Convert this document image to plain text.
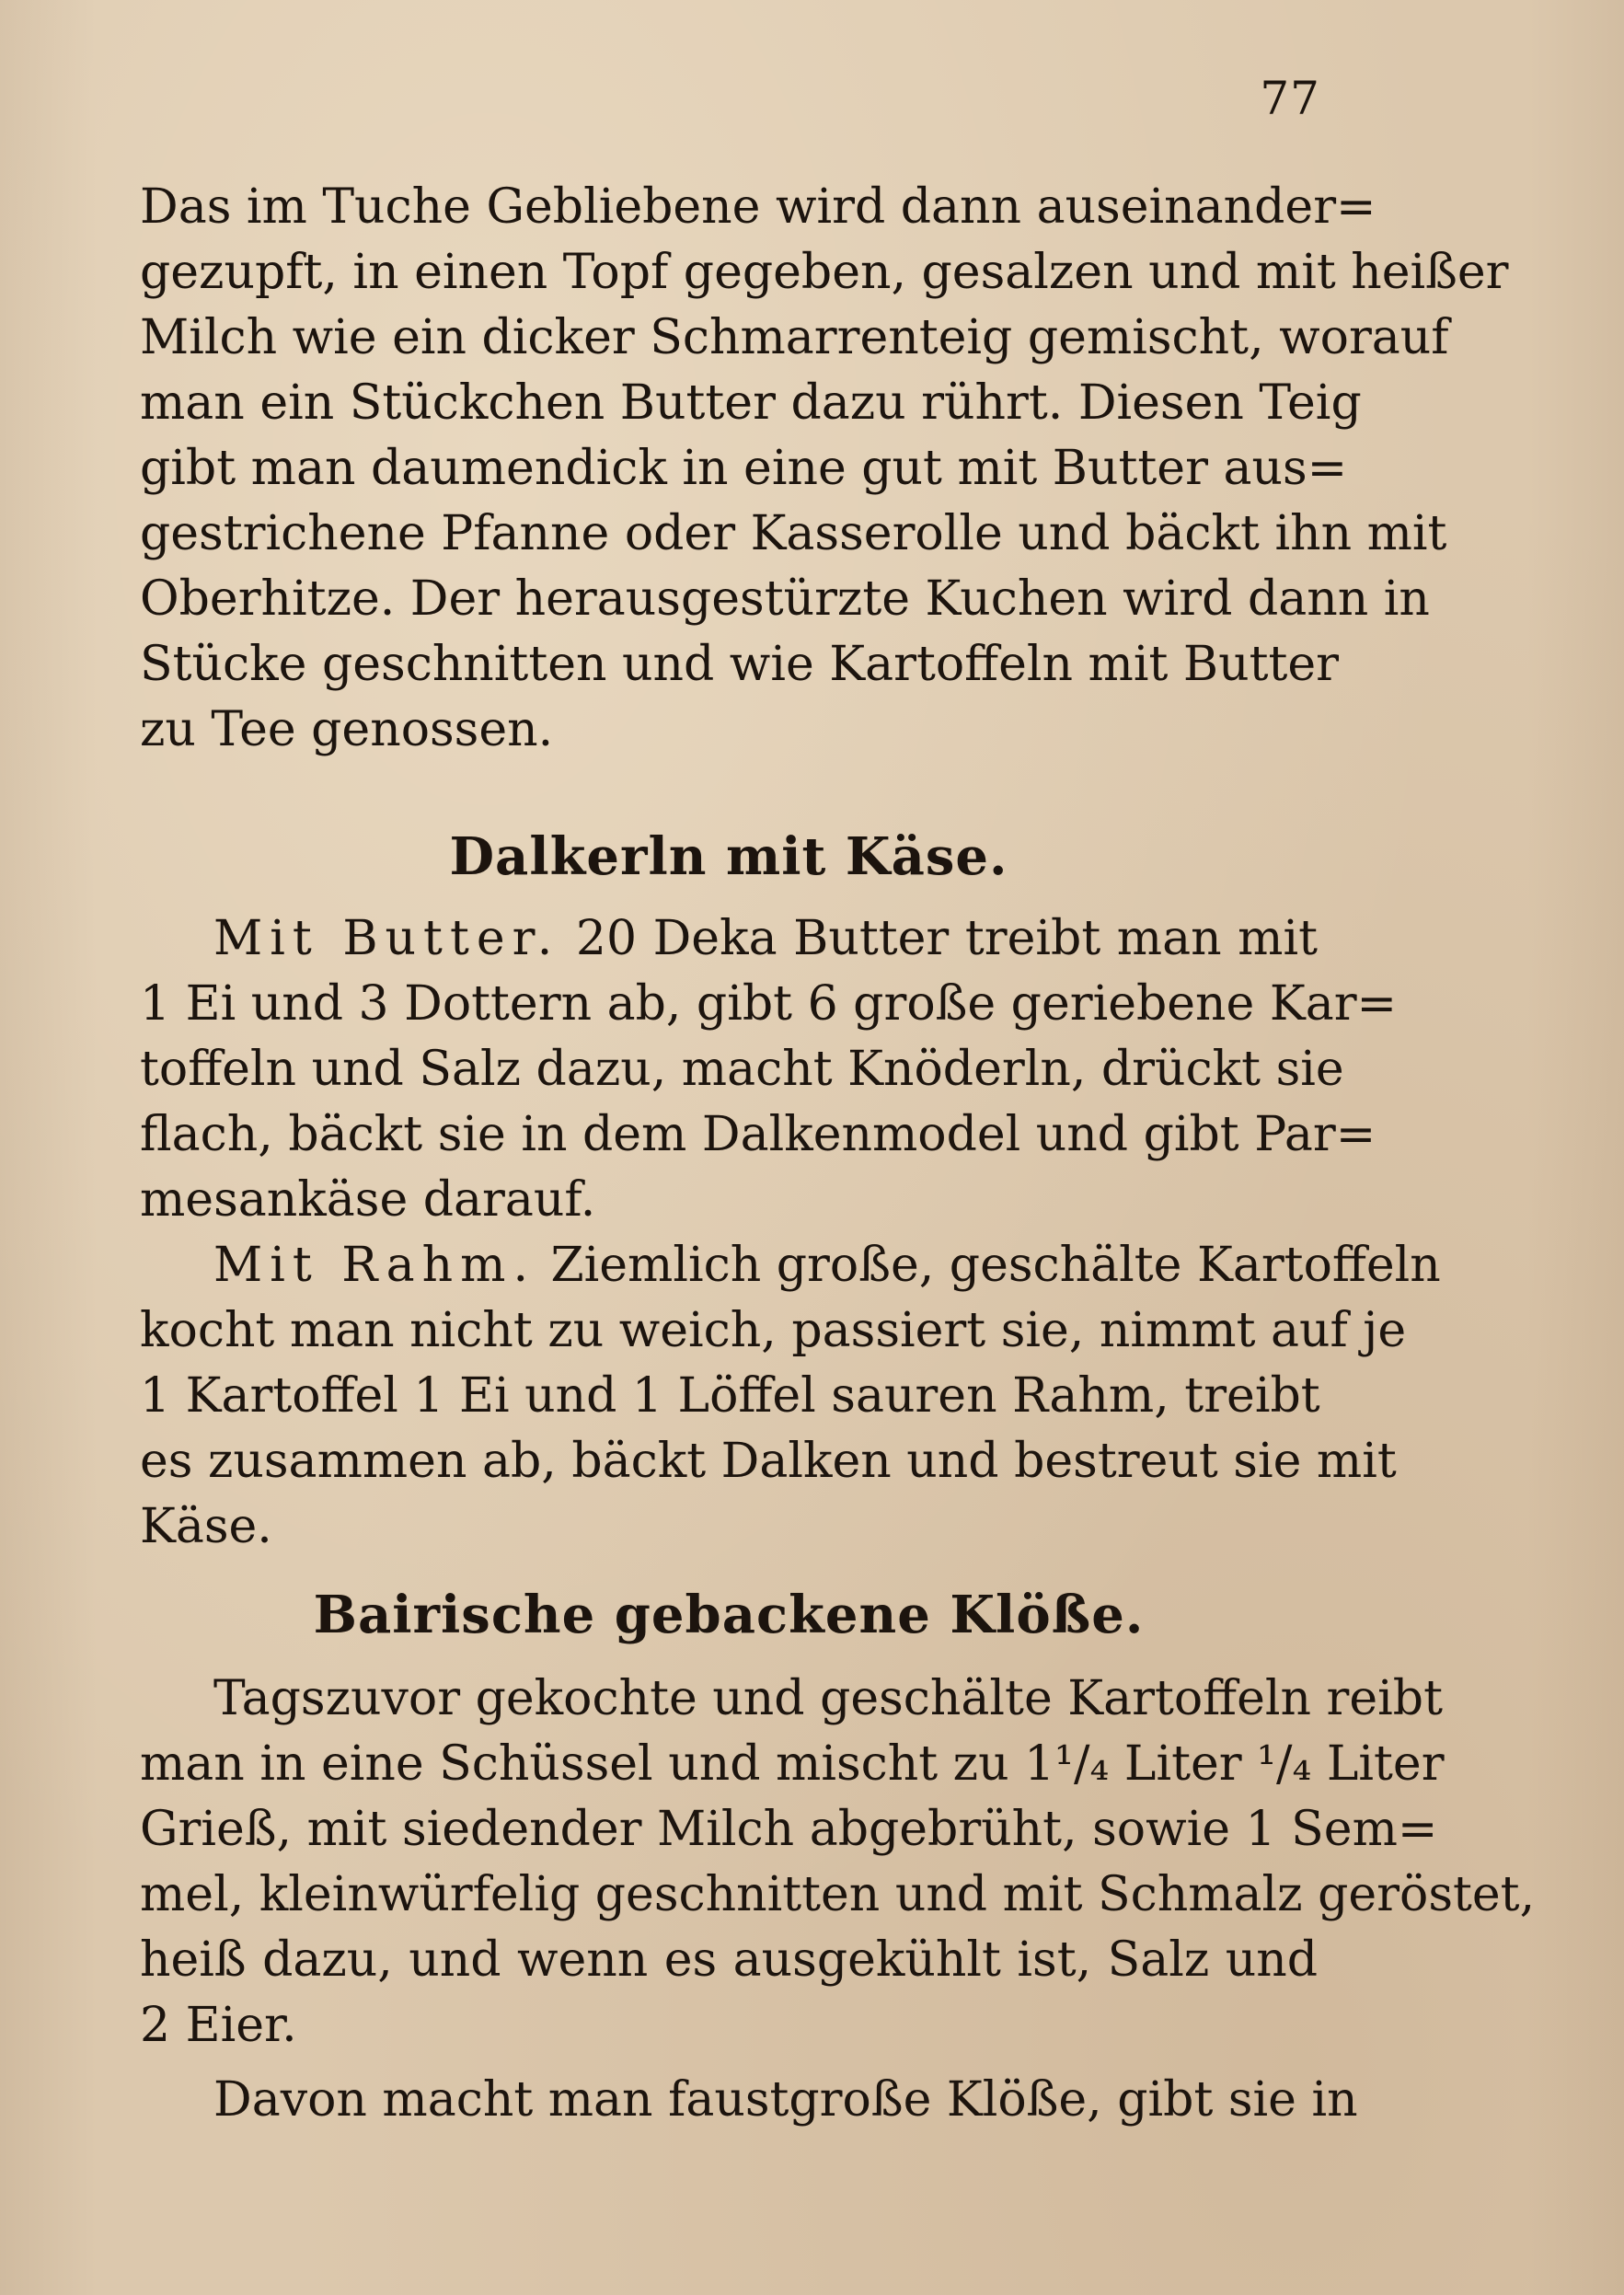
77
Das im Tuche Gebliebene wird dann auseinander=
gezupft, in einen Topf gegeben, gesalzen und mit heißer
Milch wie ein dicker Schmarrenteig gemischt, worauf
man ein Stückchen Butter dazu rührt. Diesen Teig
gibt man daumendick in eine gut mit Butter aus=
gestrichene Pfanne oder Kasserolle und bäckt ihn mit
Oberhitze. Der herausgestürzte Kuchen wird dann in
Stücke geschnitten und wie Kartoffeln mit Butter
zu Tee genossen.
Dalkerln mit Käse.
Mit Butter. 20 Deka Butter treibt man mit
1 Ei und 3 Dottern ab, gibt 6 große geriebene Kar=
toffeln und Salz dazu, macht Knöderln, drückt sie
flach, bäckt sie in dem Dalkenmodel und gibt Par=
mesankäse darauf.
Mit Rahm. Ziemlich große, geschälte Kartoffeln
kocht man nicht zu weich, passiert sie, nimmt auf je
1 Kartoffel 1 Ei und 1 Löffel sauren Rahm, treibt
es zusammen ab, bäckt Dalken und bestreut sie mit
Käse.
Bairische gebackene Klöße.
Tagszuvor gekochte und geschälte Kartoffeln reibt
man in eine Schüssel und mischt zu 1¹/₄ Liter ¹/₄ Liter
Grieß, mit siedender Milch abgebrüht, sowie 1 Sem=
mel, kleinwürfelig geschnitten und mit Schmalz geröstet,
heiß dazu, und wenn es ausgekühlt ist, Salz und
2 Eier.
Davon macht man faustgroße Klöße, gibt sie in
